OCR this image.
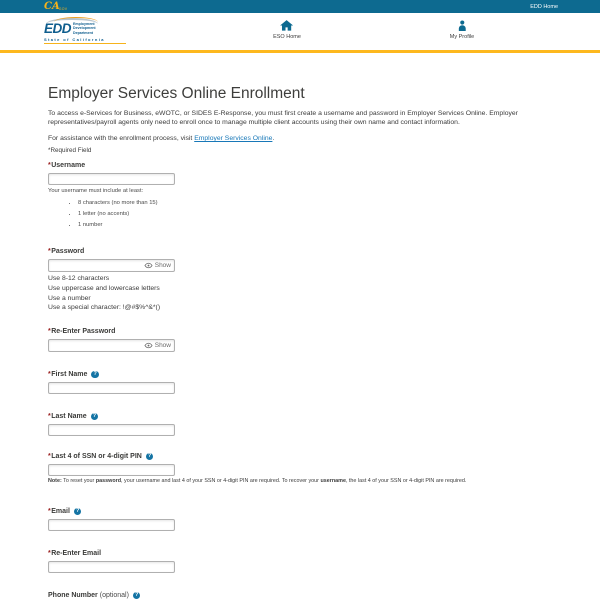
CA GOV	EDD Home
EDD Employment
Development
Department
State of California	ESO Home	My Profile
Employer Services Online Enrollment

To access e-Services for Business, eWOTC, or SIDES E-Response, you must first create a username and password in Employer Services Online. Employer representatives/payroll agents only need to enroll once to manage multiple client accounts using their own name and contact information.

For assistance with the enrollment process, visit Employer Services Online.

*Required Field

* Username
Your username must include at least:
• 8 characters (no more than 15)
• 1 letter (no accents)
• 1 number
* Password
Show
Use 8-12 characters
Use uppercase and lowercase letters
Use a number
Use a special character: !@#$%^&*()
* Re-Enter Password
Show
* First Name	?
* Last Name	?
* Last 4 of SSN or 4-digit PIN	?
Note: To reset your password, your username and last 4 of your SSN or 4-digit PIN are required. To recover your username, the last 4 of your SSN or 4-digit PIN are required.
* Email	?
* Re-Enter Email
Phone Number
(optional)	?
